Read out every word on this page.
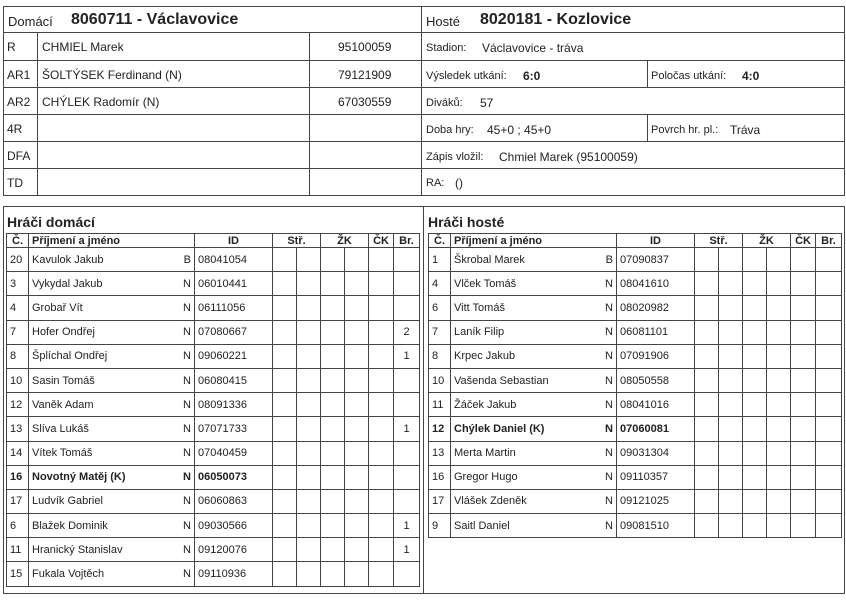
Domácí 8060711 - Václavovice
R CHMIEL Marek	95100059
AR1 ŠOLTÝSEK Ferdinand (N)	79121909
AR2 CHÝLEK Radomír (N)	67030559
4R
DFA
TD
Hosté 8020181 - Kozlovice
Stadion: Václavovice - tráva
Výsledek utkání: 6:0	Poločas utkání: 4:0
Diváků: 57
Doba hry: 45+0 ; 45+0	Povrch hr. pl.: Tráva
Zápis vložil: Chmiel Marek (95100059)
RA: ()
Hráči domácí	Hráči hosté
Č.	Příjmení a jméno		ID	Stř.		ŽK		ČK	Br.
20	Kavulok Jakub	B	08041054						
3	Vykydal Jakub	N	06010441						
4	Grobař Vít	N	06111056						
7	Hofer Ondřej	N	07080667						2
8	Šplíchal Ondřej	N	09060221						1
10	Sasin Tomáš	N	06080415						
12	Vaněk Adam	N	08091336						
13	Slíva Lukáš	N	07071733						1
14	Vítek Tomáš	N	07040459						
16	Novotný Matěj (K)	N	06050073						
17	Ludvík Gabriel	N	06060863						
6	Blažek Dominik	N	09030566						1
11	Hranický Stanislav	N	09120076						1
15	Fukala Vojtěch	N	09110936						
Č.	Příjmení a jméno		ID	Stř.		ŽK		ČK	Br.
1	Škrobal Marek	B	07090837						
4	Vlček Tomáš	N	08041610						
6	Vitt Tomáš	N	08020982						
7	Laník Filip	N	06081101						
8	Krpec Jakub	N	07091906						
10	Vašenda Sebastian	N	08050558						
11	Žáček Jakub	N	08041016						
12	Chýlek Daniel (K)	N	07060081						
13	Merta Martin	N	09031304						
16	Gregor Hugo	N	09110357						
17	Vlášek Zdeněk	N	09121025						
9	Saitl Daniel	N	09081510						
